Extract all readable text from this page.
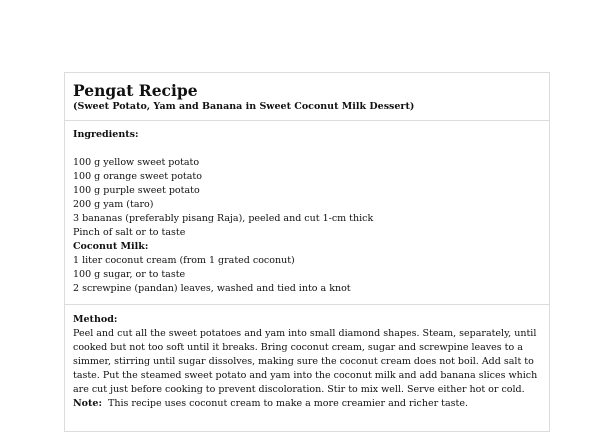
Pengat Recipe
(Sweet Potato, Yam and Banana in Sweet Coconut Milk Dessert)
Ingredients:
100 g yellow sweet potato
100 g orange sweet potato
100 g purple sweet potato
200 g yam (taro)
3 bananas (preferably pisang Raja), peeled and cut 1-cm thick
Pinch of salt or to taste
Coconut Milk:
1 liter coconut cream (from 1 grated coconut)
100 g sugar, or to taste
2 screwpine (pandan) leaves, washed and tied into a knot
Method:
Peel and cut all the sweet potatoes and yam into small diamond shapes. Steam, separately, until
cooked but not too soft until it breaks. Bring coconut cream, sugar and screwpine leaves to a
simmer, stirring until sugar dissolves, making sure the coconut cream does not boil. Add salt to
taste. Put the steamed sweet potato and yam into the coconut milk and add banana slices which
are cut just before cooking to prevent discoloration. Stir to mix well. Serve either hot or cold.
Note:  This recipe uses coconut cream to make a more creamier and richer taste.
